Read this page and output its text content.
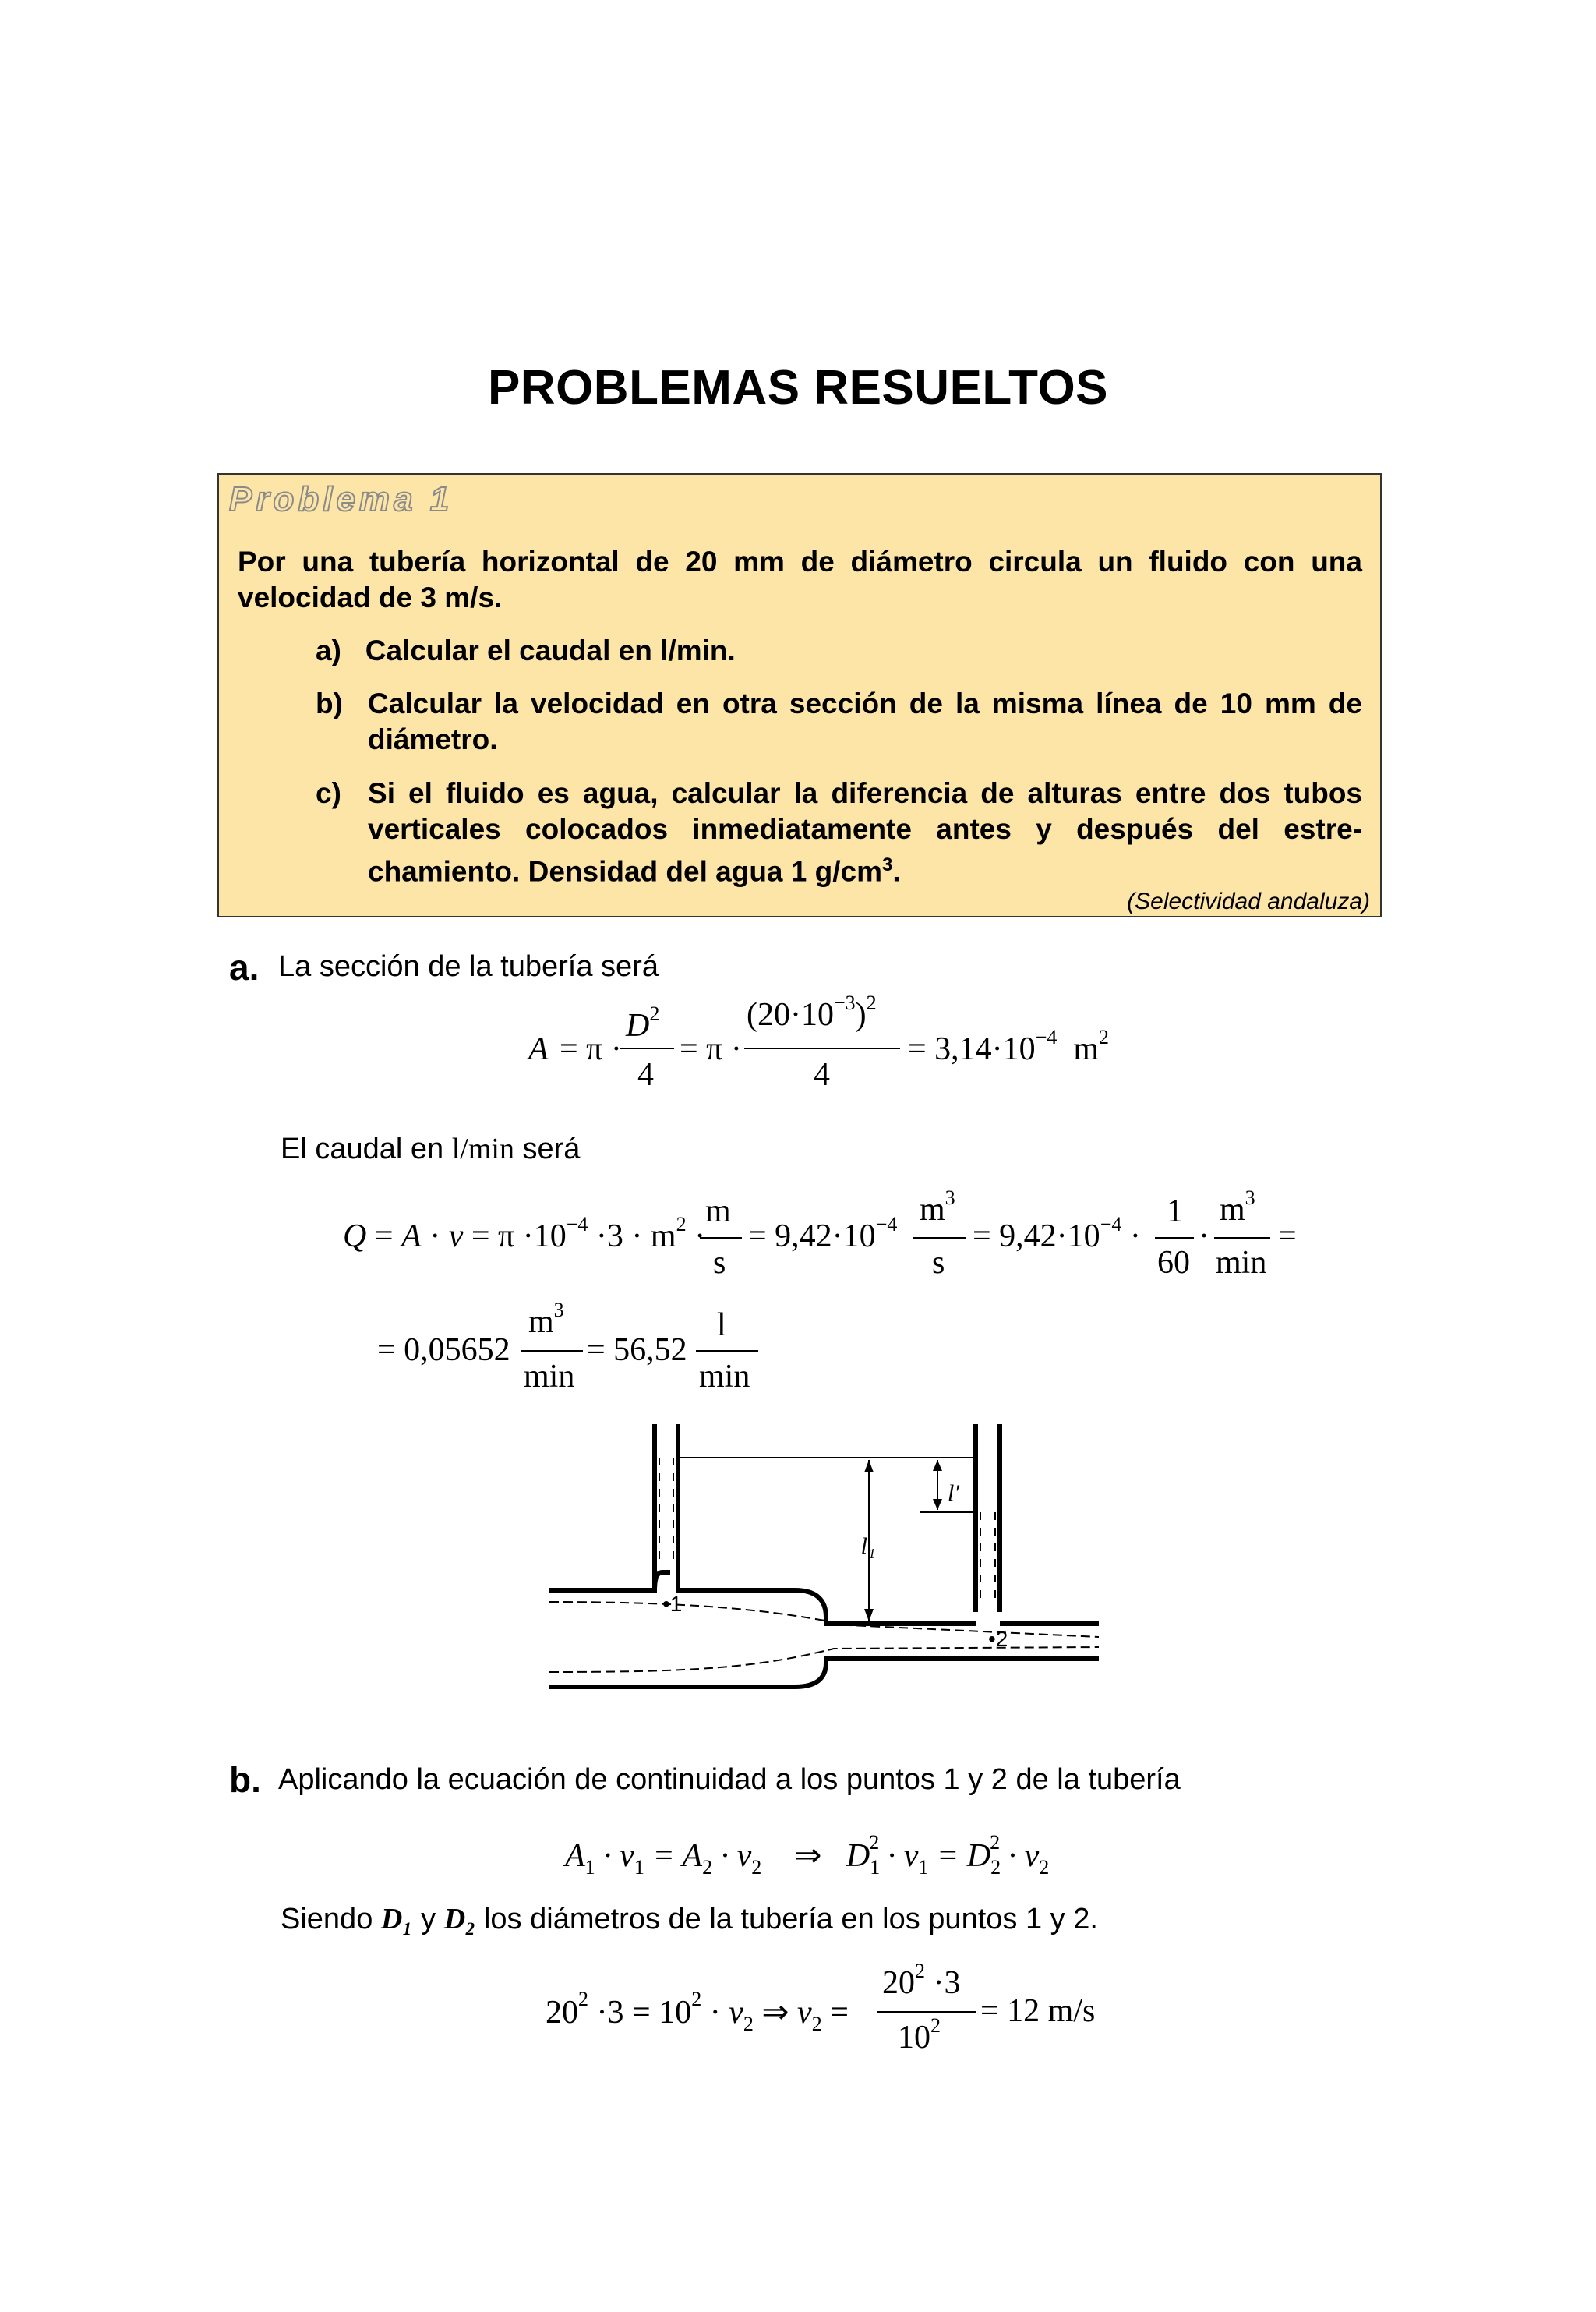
PROBLEMAS RESUELTOS
Problema 1
Por una tubería horizontal de 20 mm de diámetro circula un fluido con una
velocidad de 3 m/s.
a) Calcular el caudal en l/min.
b)  Calcular la velocidad en otra sección de la misma línea de 10 mm de
diámetro.
c)  Si el fluido es agua, calcular la diferencia de alturas entre dos tubos
verticales colocados inmediatamente antes y después del estre-
chamiento. Densidad del agua 1 $g/cm^3$.
(Selectividad andaluza)
a. La sección de la tubería será
A = π ·
$D^2$
4
= π ·
$(20\cdot 10^{-3})^2$
4
= $3,14\cdot 10^{-4}$  $m^2$
El caudal en l/min será
$Q = A \cdot v = \pi \cdot 10^{-4} \cdot 3 \cdot m^2$ ·
m
s
= $9,42\cdot 10^{-4}$ $m^3$
s
= $9,42\cdot 10^{-4}$ ·
1
60
·
$m^3$
min
=
= 0,05652
$m^3$
min
= 56,52
l
min
l₁
l′
•1
•2
b. Aplicando la ecuación de continuidad a los puntos 1 y 2 de la tubería
$A_1 \cdot v_1 = A_2 \cdot v_2$    ⇒   $D_1^2 \cdot v_1 = D_2^2 \cdot v_2$
Siendo D₁ y D₂ los diámetros de la tubería en los puntos 1 y 2.
$20^2 \cdot 3 = 10^2 \cdot v_2$ ⇒ $v_2$ =
$20^2 \cdot 3$
$10^2 = 12$ m/s
